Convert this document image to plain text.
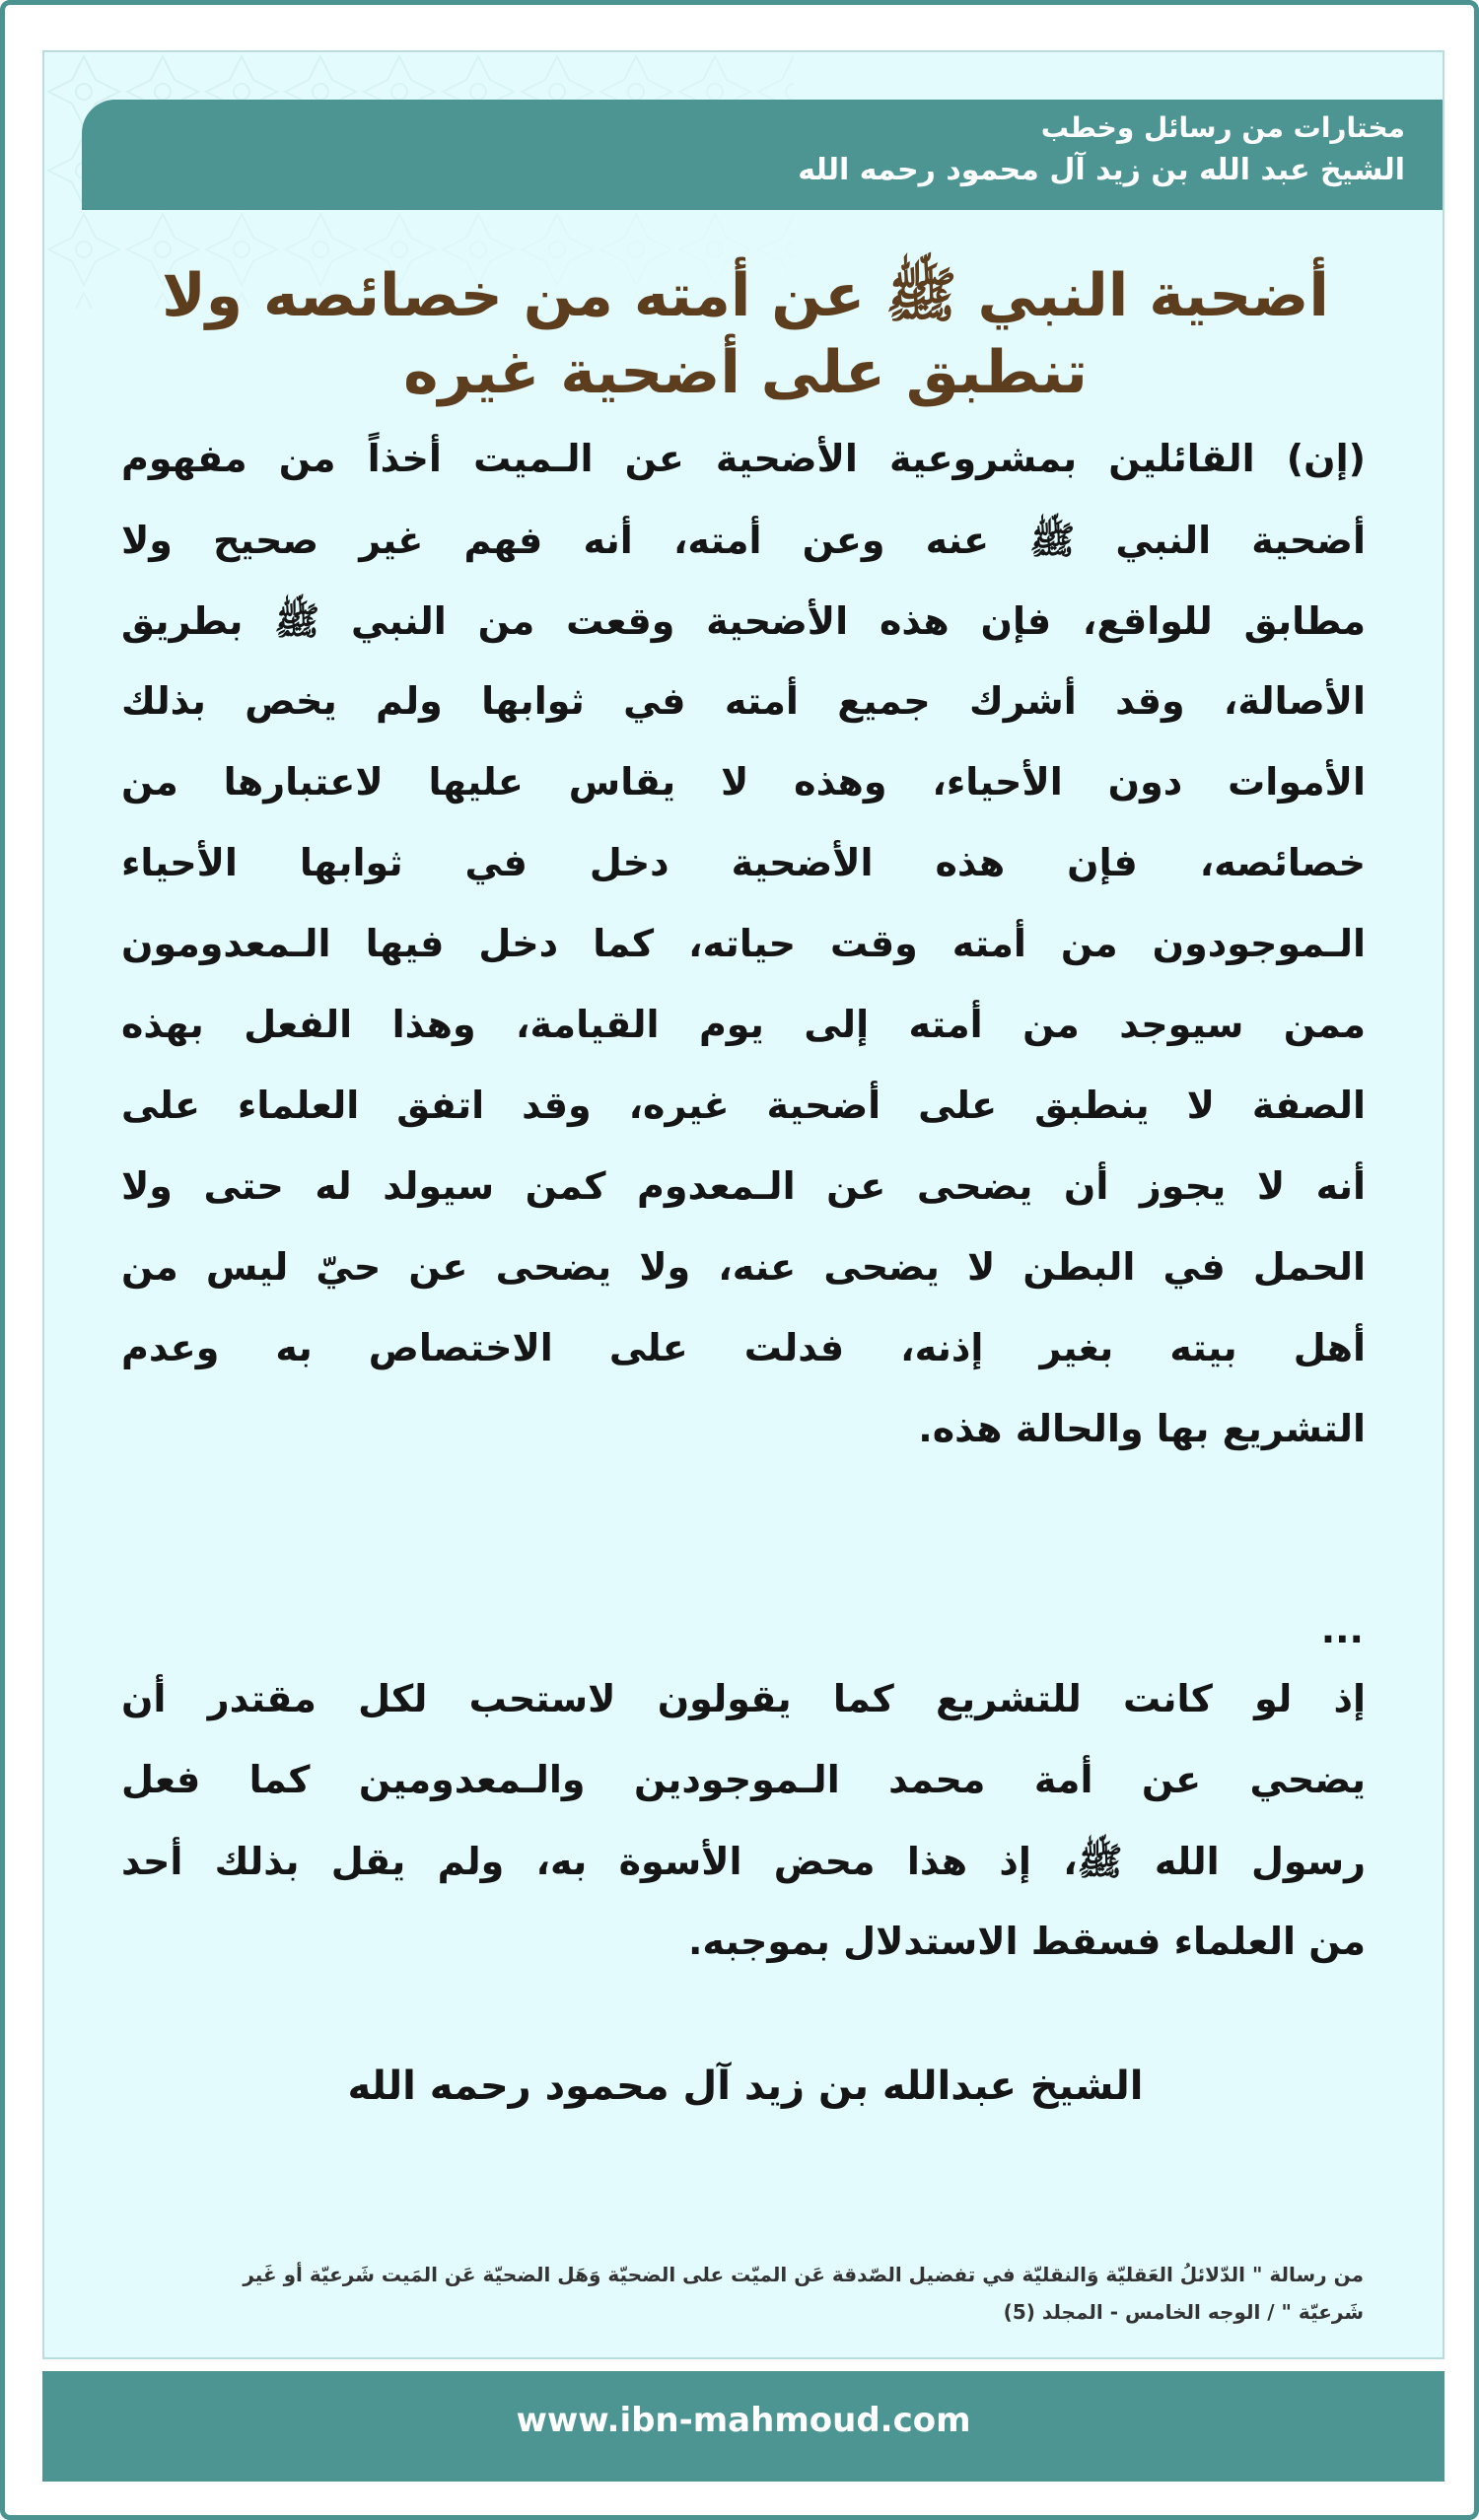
مختارات من رسائل وخطب
الشيخ عبد الله بن زيد آل محمود رحمه الله
أضحية النبي ﷺ عن أمته من خصائصه ولا
تنطبق على أضحية غيره
(إن) القائلين بمشروعية الأضحية عن الـميت أخذاً من مفهوم
أضحية النبي ﷺ عنه وعن أمته، أنه فهم غير صحيح ولا
مطابق للواقع، فإن هذه الأضحية وقعت من النبي ﷺ بطريق
الأصالة، وقد أشرك جميع أمته في ثوابها ولم يخص بذلك
الأموات دون الأحياء، وهذه لا يقاس عليها لاعتبارها من
خصائصه، فإن هذه الأضحية دخل في ثوابها الأحياء
الـموجودون من أمته وقت حياته، كما دخل فيها الـمعدومون
ممن سيوجد من أمته إلى يوم القيامة، وهذا الفعل بهذه
الصفة لا ينطبق على أضحية غيره، وقد اتفق العلماء على
أنه لا يجوز أن يضحى عن الـمعدوم كمن سيولد له حتى ولا
الحمل في البطن لا يضحى عنه، ولا يضحى عن حيّ ليس من
أهل بيته بغير إذنه، فدلت على الاختصاص به وعدم
التشريع بها والحالة هذه.
...
إذ لو كانت للتشريع كما يقولون لاستحب لكل مقتدر أن
يضحي عن أمة محمد الـموجودين والـمعدومين كما فعل
رسول الله ﷺ، إذ هذا محض الأسوة به، ولم يقل بذلك أحد
من العلماء فسقط الاستدلال بموجبه.
الشيخ عبدالله بن زيد آل محمود رحمه الله
من رسالة " الدّلائلُ العَقليّة وَالنقليّة في تفضيل الصّدقة عَن الميّت على الضحيّة وَهَل الضحيّة عَن المَيت شَرعيّة أو غَير
شَرعيّة " / الوجه الخامس - المجلد (5)
www.ibn-mahmoud.com
